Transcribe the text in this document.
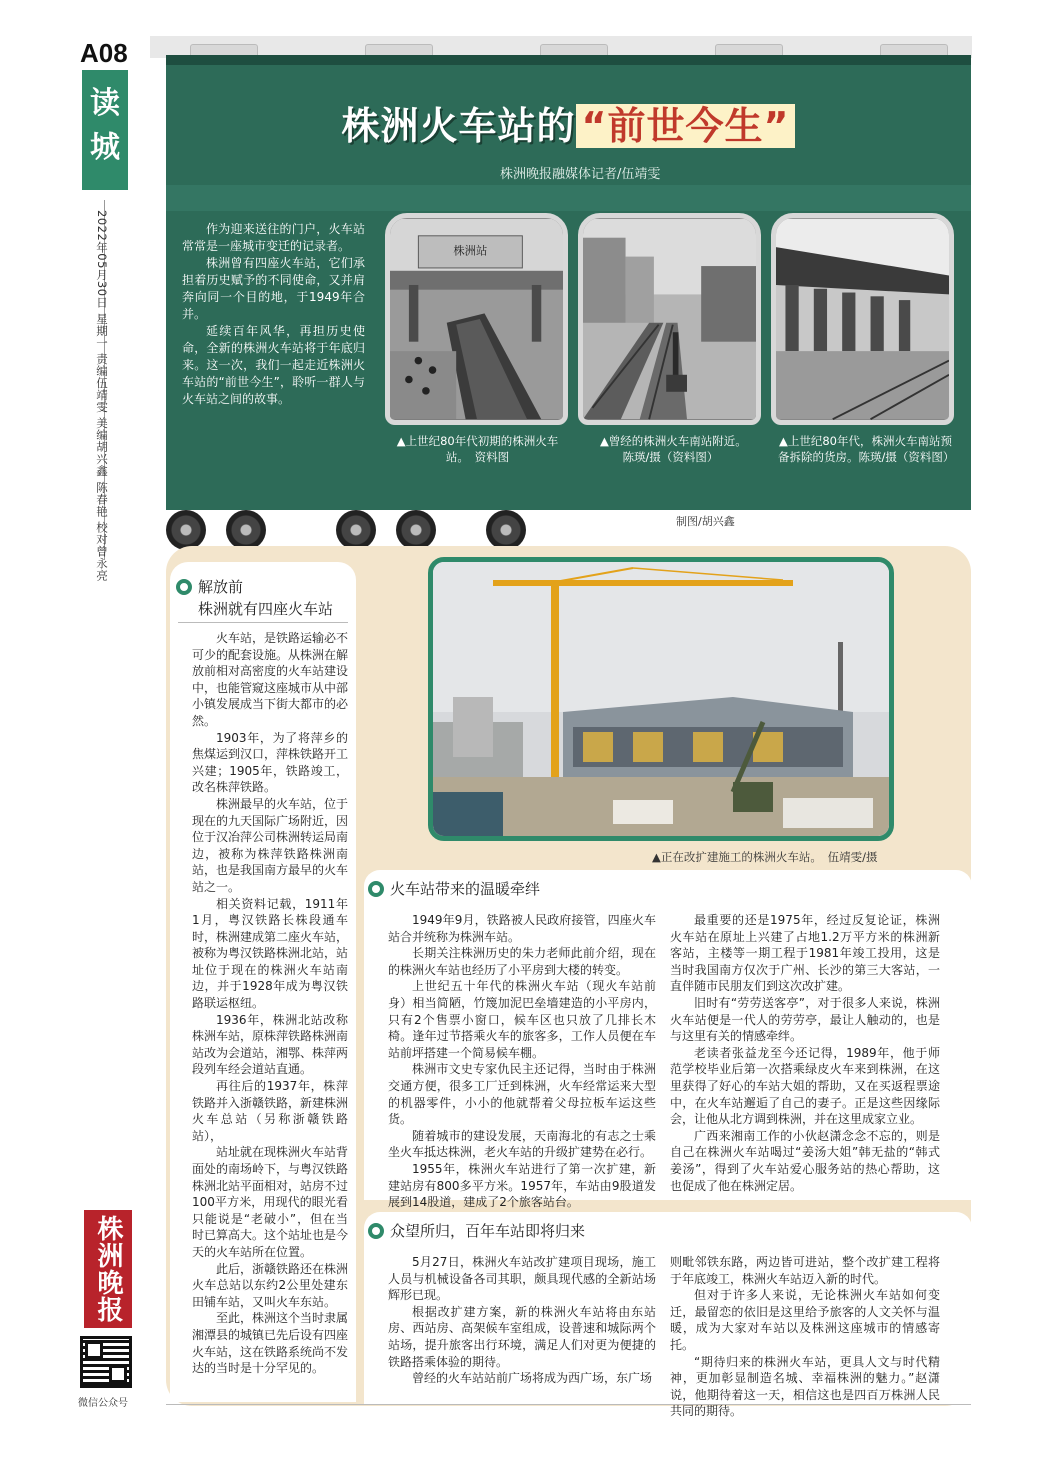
A08
读城
2022年05月30日 星期一 责编伍靖雯 美编胡兴鑫 陈春艳 校对曾永亮
株洲晚报
微信公众号
株洲火车站的 “前世今生”
株洲晚报融媒体记者/伍靖雯

作为迎来送往的门户，火车站常常是一座城市变迁的记录者。

株洲曾有四座火车站，它们承担着历史赋予的不同使命，又并肩奔向同一个目的地，于1949年合并。

延续百年风华，再担历史使命，全新的株洲火车站将于年底归来。这一次，我们一起走近株洲火车站的“前世今生”，聆听一群人与火车站之间的故事。

株洲站
▲上世纪80年代初期的株洲火车站。　资料图
▲曾经的株洲火车南站附近。　　陈瑛/摄（资料图）
▲上世纪80年代，株洲火车南站预备拆除的货房。陈瑛/摄（资料图）
制图/胡兴鑫
解放前
株洲就有四座火车站

火车站，是铁路运输必不可少的配套设施。从株洲在解放前相对高密度的火车站建设中，也能管窥这座城市从中部小镇发展成当下街大都市的必然。

1903年，为了将萍乡的焦煤运到汉口，萍株铁路开工兴建；1905年，铁路竣工，改名株萍铁路。

株洲最早的火车站，位于现在的九天国际广场附近，因位于汉冶萍公司株洲转运局南边，被称为株萍铁路株洲南站，也是我国南方最早的火车站之一。

相关资料记载，1911年1月，粤汉铁路长株段通车时，株洲建成第二座火车站，被称为粤汉铁路株洲北站，站址位于现在的株洲火车站南边，并于1928年成为粤汉铁路联运枢纽。

1936年，株洲北站改称株洲车站，原株萍铁路株洲南站改为会道站，湘鄂、株萍两段列车经会道站直通。

再往后的1937年，株萍铁路并入浙赣铁路，新建株洲火车总站（另称浙赣铁路站），

站址就在现株洲火车站背面处的南场岭下，与粤汉铁路株洲北站平面相对，站房不过100平方米，用现代的眼光看只能说是“老破小”，但在当时已算高大。这个站址也是今天的火车站所在位置。

此后，浙赣铁路还在株洲火车总站以东约2公里处建东田铺车站，又叫火车东站。

至此，株洲这个当时隶属湘潭县的城镇已先后设有四座火车站，这在铁路系统尚不发达的当时是十分罕见的。

▲正在改扩建施工的株洲火车站。　伍靖雯/摄
火车站带来的温暖牵绊

1949年9月，铁路被人民政府接管，四座火车站合并统称为株洲车站。

长期关注株洲历史的朱力老师此前介绍，现在的株洲火车站也经历了小平房到大楼的转变。

上世纪五十年代的株洲火车站（现火车站前身）相当简陋，竹篾加泥巴垒墙建造的小平房内，只有2个售票小窗口，候车区也只放了几排长木椅。逢年过节搭乘火车的旅客多，工作人员便在车站前坪搭建一个简易候车棚。

株洲市文史专家仇民主还记得，当时由于株洲交通方便，很多工厂迁到株洲，火车经常运来大型的机器零件，小小的他就帮着父母拉板车运这些货。

随着城市的建设发展，天南海北的有志之士乘坐火车抵达株洲，老火车站的升级扩建势在必行。

1955年，株洲火车站进行了第一次扩建，新建站房有800多平方米。1957年，车站由9股道发展到14股道，建成了2个旅客站台。

最重要的还是1975年，经过反复论证，株洲火车站在原址上兴建了占地1.2万平方米的株洲新客站，主楼等一期工程于1981年竣工投用，这是当时我国南方仅次于广州、长沙的第三大客站，一直伴随市民朋友们到这次改扩建。

旧时有“劳劳送客亭”，对于很多人来说，株洲火车站便是一代人的劳劳亭，最让人触动的，也是与这里有关的情感牵绊。

老读者张益龙至今还记得，1989年，他于师范学校毕业后第一次搭乘绿皮火车来到株洲，在这里获得了好心的车站大姐的帮助，又在买返程票途中，在火车站邂逅了自己的妻子。正是这些因缘际会，让他从北方调到株洲，并在这里成家立业。

广西来湘南工作的小伙赵潇念念不忘的，则是自己在株洲火车站喝过“姜汤大姐”韩无盐的“韩式姜汤”，得到了火车站爱心服务站的热心帮助，这也促成了他在株洲定居。

众望所归，百年车站即将归来

5月27日，株洲火车站改扩建项目现场，施工人员与机械设备各司其职，颇具现代感的全新站场辉形已现。

根据改扩建方案，新的株洲火车站将由东站房、西站房、高架候车室组成，设普速和城际两个站场，提升旅客出行环境，满足人们对更为便捷的铁路搭乘体验的期待。

曾经的火车站站前广场将成为西广场，东广场

则毗邻铁东路，两边皆可进站，整个改扩建工程将于年底竣工，株洲火车站迈入新的时代。

但对于许多人来说，无论株洲火车站如何变迁，最留恋的依旧是这里给予旅客的人文关怀与温暖，成为大家对车站以及株洲这座城市的情感寄托。

“期待归来的株洲火车站，更具人文与时代精神，更加彰显制造名城、幸福株洲的魅力。”赵潇说，他期待着这一天，相信这也是四百万株洲人民共同的期待。
